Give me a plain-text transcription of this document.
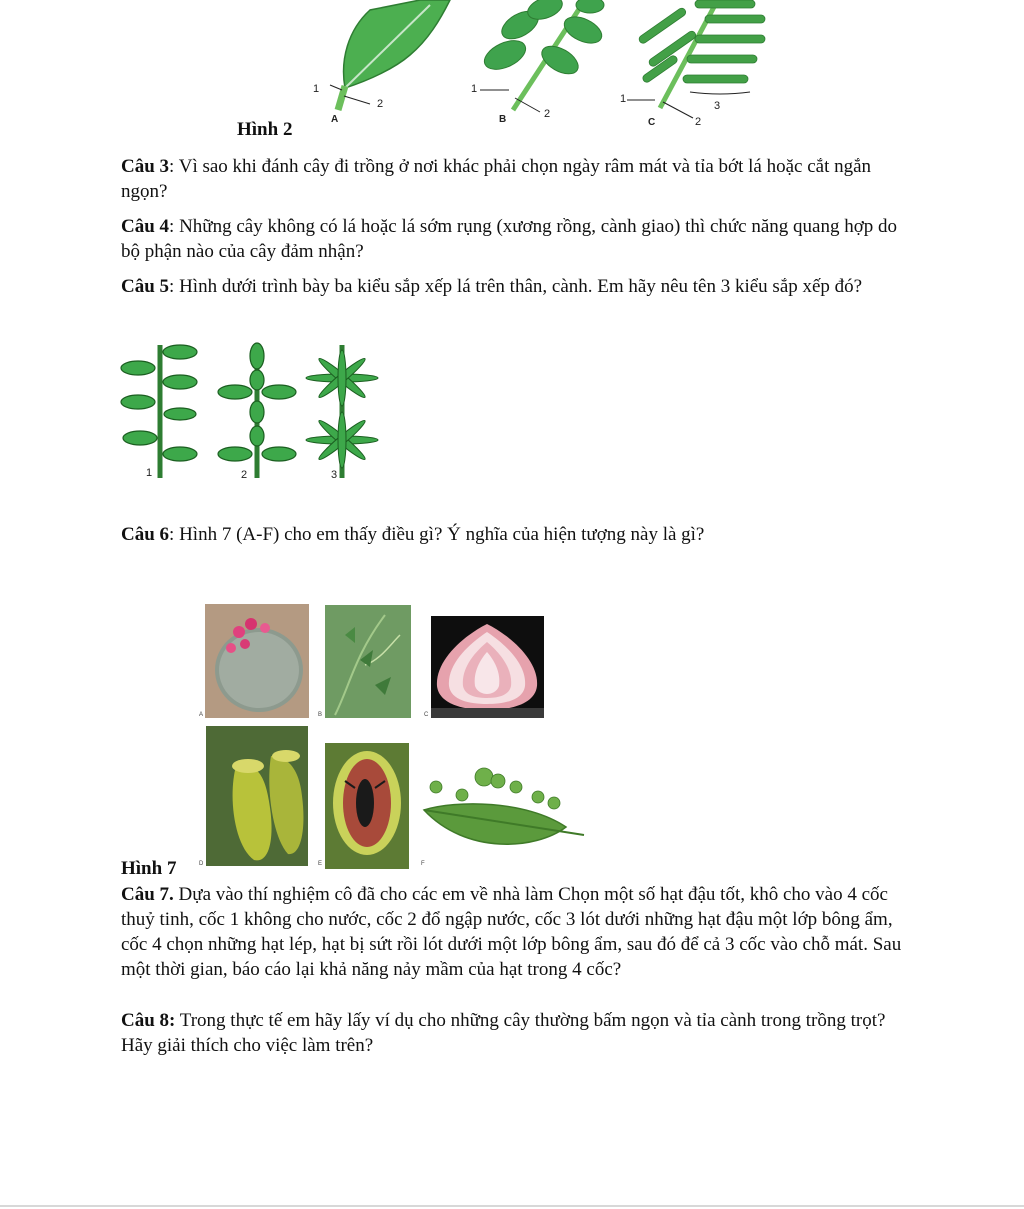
1
2
A
1
2
B
1
2
3
C
Hình 2
Câu 3: Vì sao khi đánh cây đi trồng ở nơi khác phải chọn ngày râm mát và tỉa bớt lá hoặc cắt ngắn ngọn?
Câu 4: Những cây không có lá hoặc lá sớm rụng (xương rồng, cành giao) thì chức năng quang hợp do bộ phận nào của cây đảm nhận?
Câu 5: Hình dưới trình bày ba kiểu sắp xếp lá trên thân, cành. Em hãy nêu tên 3 kiểu sắp xếp đó?
1	2	3
Câu 6: Hình 7 (A-F) cho em thấy điều gì? Ý nghĩa của hiện tượng này là gì?
A	B	C
D	E	F
Hình 7
Câu 7. Dựa vào thí nghiệm cô đã cho các em về nhà làm Chọn một số hạt đậu tốt, khô cho vào 4 cốc thuỷ tinh, cốc 1 không cho nước, cốc 2 đổ ngập nước, cốc 3 lót dưới những hạt đậu một lớp bông ẩm, cốc 4 chọn những hạt lép, hạt bị sứt rồi lót dưới một lớp bông ẩm, sau đó để cả 3 cốc vào chỗ mát. Sau một thời gian, báo cáo lại khả năng nảy mầm của hạt trong 4 cốc?
Câu 8: Trong thực tế em hãy lấy ví dụ cho những cây thường bấm ngọn và tỉa cành trong trồng trọt? Hãy giải thích cho việc làm trên?
